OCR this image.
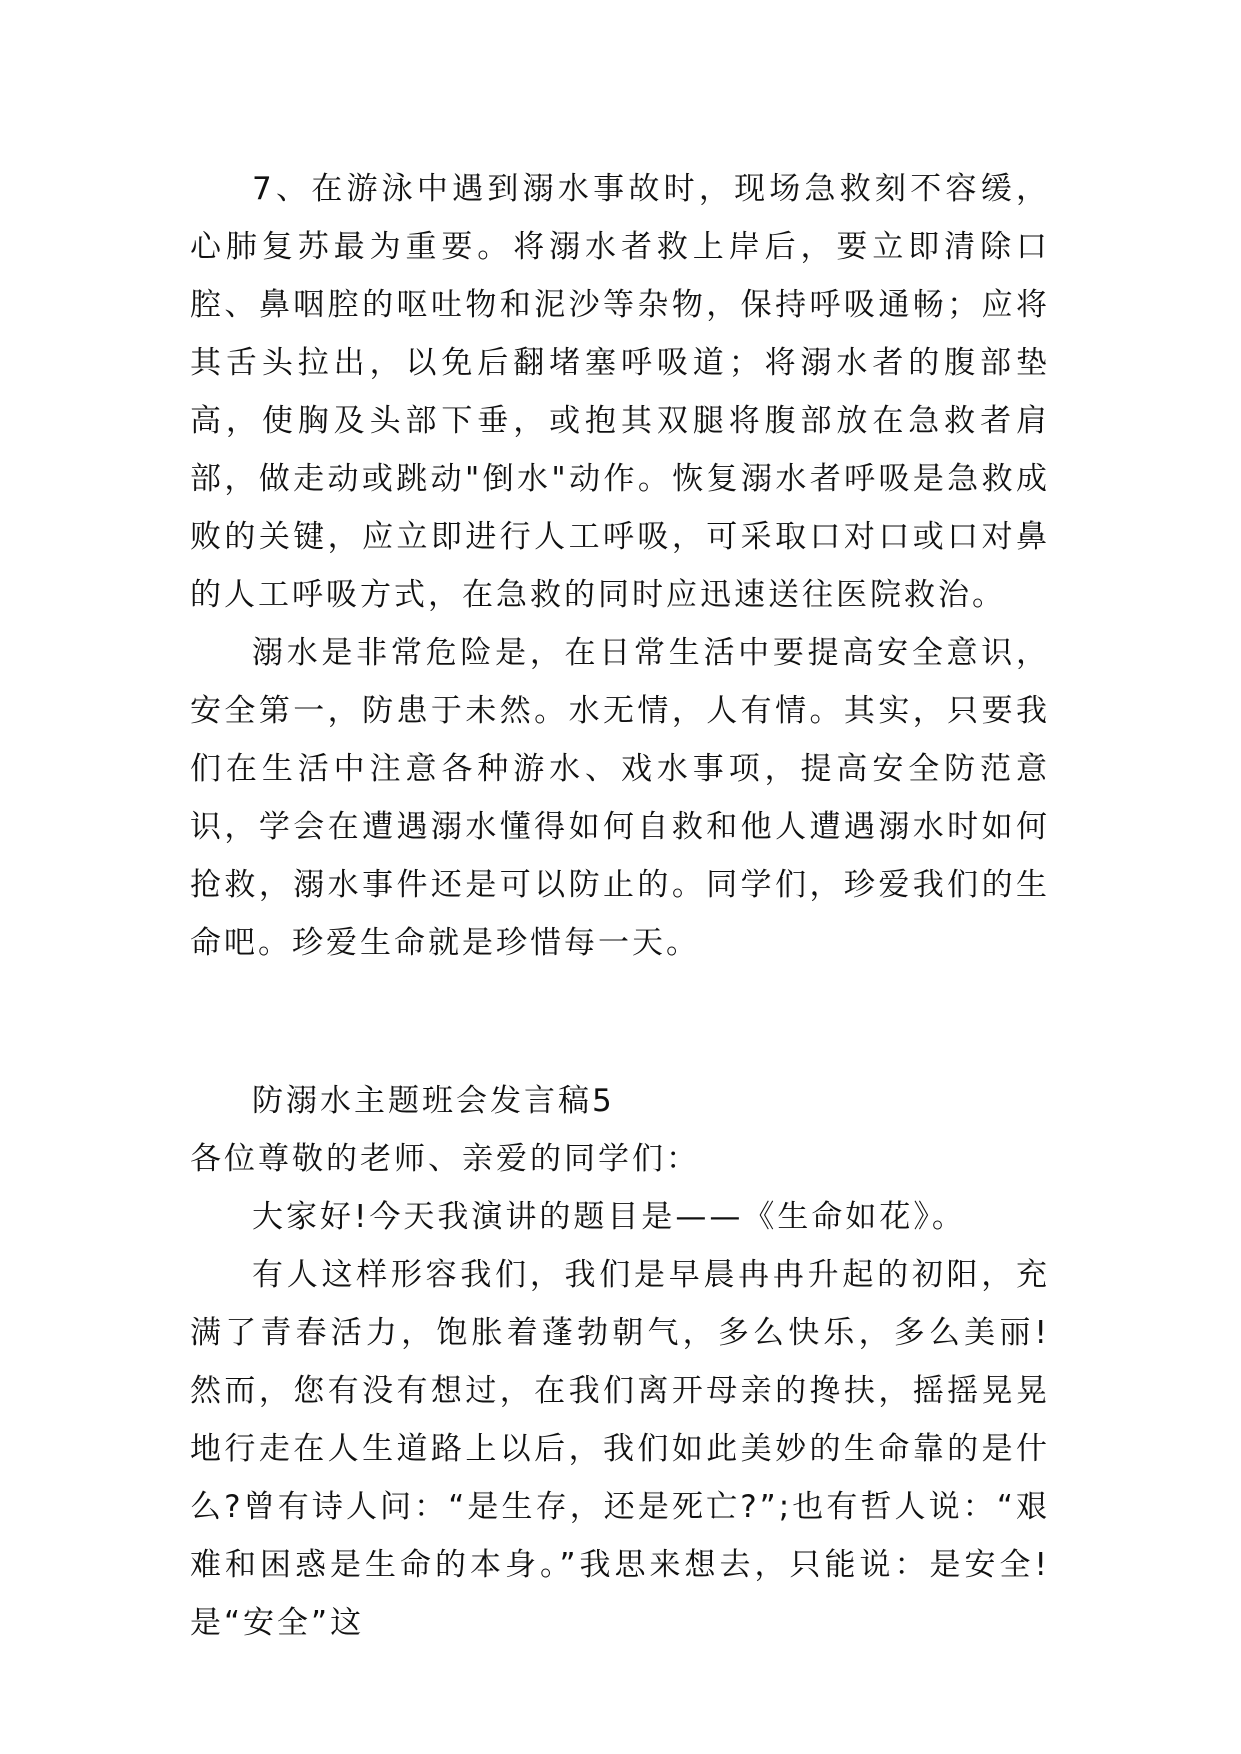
7、在游泳中遇到溺水事故时，现场急救刻不容缓，心肺复苏最为重要。将溺水者救上岸后，要立即清除口腔、鼻咽腔的呕吐物和泥沙等杂物，保持呼吸通畅；应将其舌头拉出，以免后翻堵塞呼吸道；将溺水者的腹部垫高，使胸及头部下垂，或抱其双腿将腹部放在急救者肩部，做走动或跳动"倒水"动作。恢复溺水者呼吸是急救成败的关键，应立即进行人工呼吸，可采取口对口或口对鼻的人工呼吸方式，在急救的同时应迅速送往医院救治。

溺水是非常危险是，在日常生活中要提高安全意识，安全第一，防患于未然。水无情，人有情。其实，只要我们在生活中注意各种游水、戏水事项，提高安全防范意识，学会在遭遇溺水懂得如何自救和他人遭遇溺水时如何抢救，溺水事件还是可以防止的。同学们，珍爱我们的生命吧。珍爱生命就是珍惜每一天。

防溺水主题班会发言稿5

各位尊敬的老师、亲爱的同学们：

大家好!今天我演讲的题目是——《生命如花》。

有人这样形容我们，我们是早晨冉冉升起的初阳，充满了青春活力，饱胀着蓬勃朝气，多么快乐，多么美丽!然而，您有没有想过，在我们离开母亲的搀扶，摇摇晃晃地行走在人生道路上以后，我们如此美妙的生命靠的是什么?曾有诗人问：“是生存，还是死亡?”;也有哲人说：“艰难和困惑是生命的本身。”我思来想去，只能说：是安全!是“安全”这
